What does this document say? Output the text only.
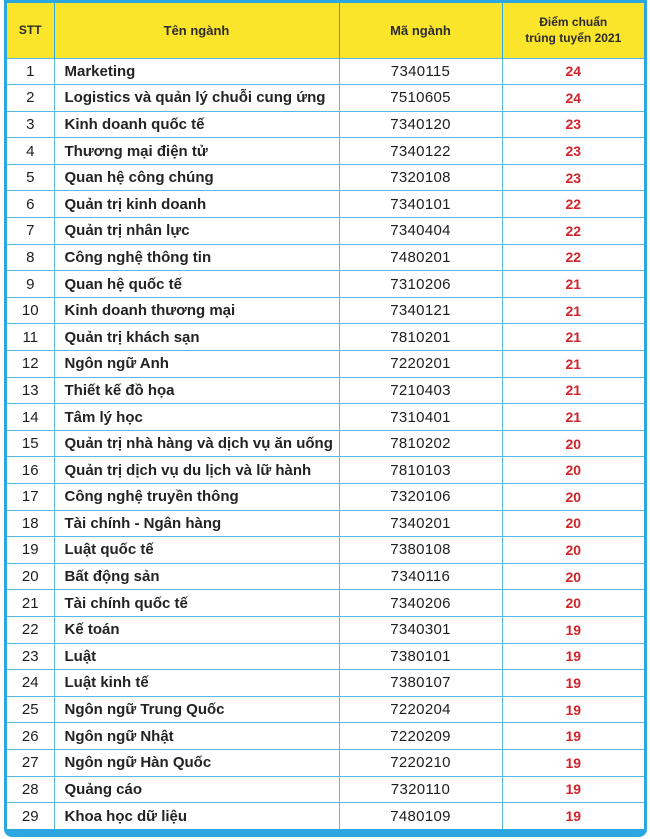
STT	Tên ngành	Mã ngành	Điểm chuẩn
trúng tuyển 2021
1	Marketing	7340115	24
2	Logistics và quản lý chuỗi cung ứng	7510605	24
3	Kinh doanh quốc tế	7340120	23
4	Thương mại điện tử	7340122	23
5	Quan hệ công chúng	7320108	23
6	Quản trị kinh doanh	7340101	22
7	Quản trị nhân lực	7340404	22
8	Công nghệ thông tin	7480201	22
9	Quan hệ quốc tế	7310206	21
10	Kinh doanh thương mại	7340121	21
11	Quản trị khách sạn	7810201	21
12	Ngôn ngữ Anh	7220201	21
13	Thiết kế đồ họa	7210403	21
14	Tâm lý học	7310401	21
15	Quản trị nhà hàng và dịch vụ ăn uống	7810202	20
16	Quản trị dịch vụ du lịch và lữ hành	7810103	20
17	Công nghệ truyền thông	7320106	20
18	Tài chính - Ngân hàng	7340201	20
19	Luật quốc tế	7380108	20
20	Bất động sản	7340116	20
21	Tài chính quốc tế	7340206	20
22	Kế toán	7340301	19
23	Luật	7380101	19
24	Luật kinh tế	7380107	19
25	Ngôn ngữ Trung Quốc	7220204	19
26	Ngôn ngữ Nhật	7220209	19
27	Ngôn ngữ Hàn Quốc	7220210	19
28	Quảng cáo	7320110	19
29	Khoa học dữ liệu	7480109	19
